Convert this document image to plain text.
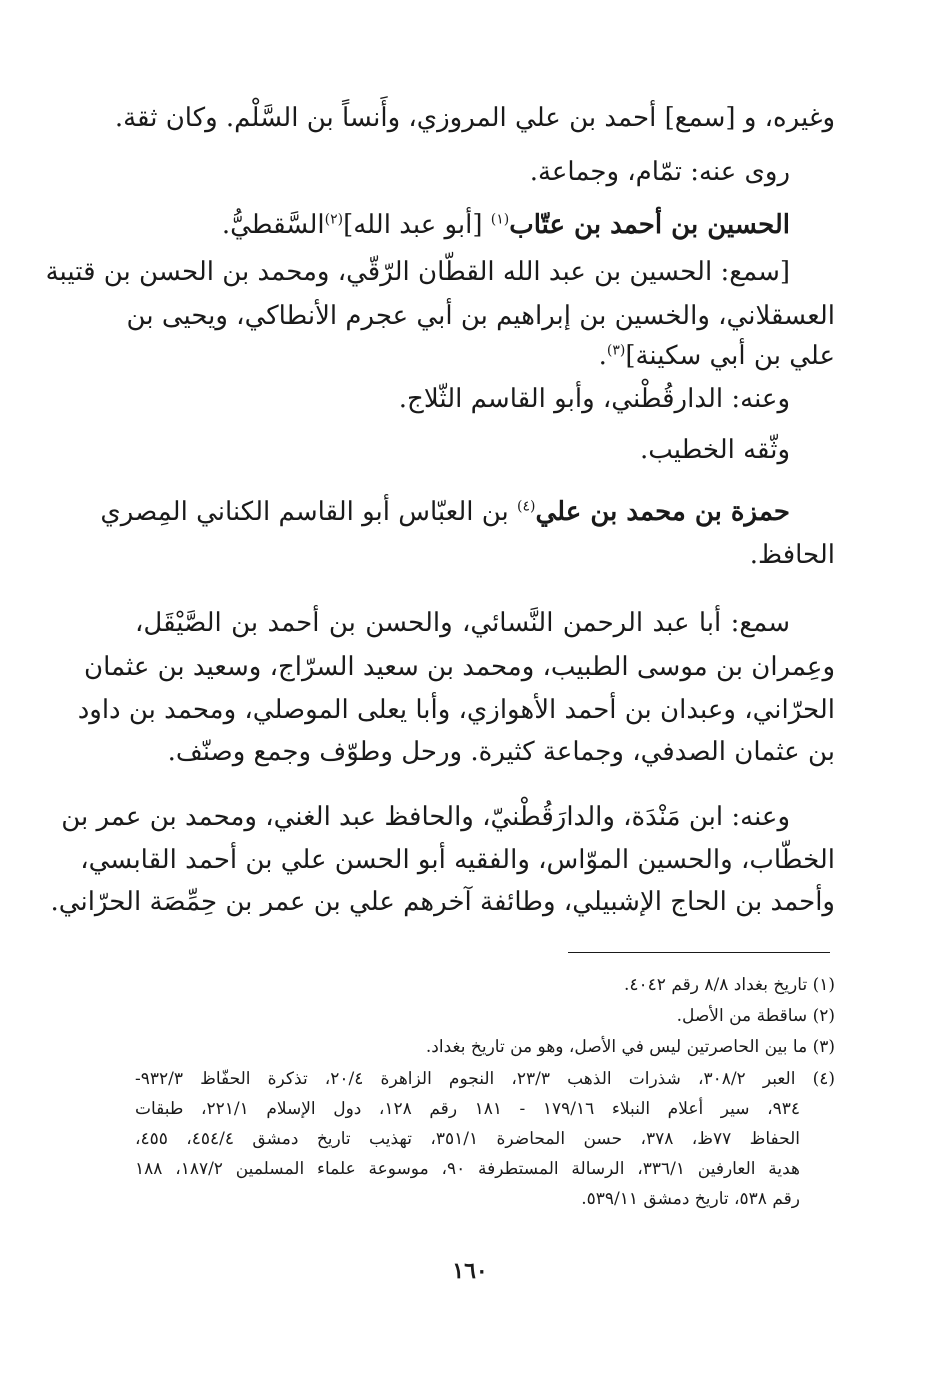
وغيره، و [سمع] أحمد بن علي المروزي، وأَنساً بن السَّلْم. وكان ثقة.
روى عنه: تمّام، وجماعة.
الحسين بن أحمد بن عتّاب$^{(١)}$ [أبو عبد الله]$^{(٢)}$السَّقطيُّ.
[سمع: الحسين بن عبد الله القطّان الرّقّي، ومحمد بن الحسن بن قتيبة
العسقلاني، والخسين بن إبراهيم بن أبي عجرم الأنطاكي، ويحيى بن
علي بن أبي سكينة]$^{(٣)}$.
وعنه: الدارقُطْني، وأبو القاسم الثّلاج.
وثّقه الخطيب.
حمزة بن محمد بن علي$^{(٤)}$ بن العبّاس أبو القاسم الكناني المِصري
الحافظ.
سمع: أبا عبد الرحمن النَّسائي، والحسن بن أحمد بن الصَّيْقَل،
وعِمران بن موسى الطبيب، ومحمد بن سعيد السرّاج، وسعيد بن عثمان
الحرّاني، وعبدان بن أحمد الأهوازي، وأبا يعلى الموصلي، ومحمد بن داود
بن عثمان الصدفي، وجماعة كثيرة. ورحل وطوّف وجمع وصنّف.
وعنه: ابن مَنْدَة، والدارَقُطْنيّ، والحافظ عبد الغني، ومحمد بن عمر بن
الخطّاب، والحسين الموّاس، والفقيه أبو الحسن علي بن أحمد القابسي،
وأحمد بن الحاج الإشبيلي، وطائفة آخرهم علي بن عمر بن حِمِّصَة الحرّاني.
(١) تاريخ بغداد ٨/٨ رقم ٤٠٤٢.
(٢) ساقطة من الأصل.
(٣) ما بين الحاصرتين ليس في الأصل، وهو من تاريخ بغداد.
(٤) العبر ٣٠٨/٢، شذرات الذهب ٢٣/٣، النجوم الزاهرة ٢٠/٤، تذكرة الحفّاظ ٩٣٢/٣-
٩٣٤، سير أعلام النبلاء ١٧٩/١٦ - ١٨١ رقم ١٢٨، دول الإسلام ٢٢١/١، طبقات
الحفاظ ٧٧ظ، ٣٧٨، حسن المحاضرة ٣٥١/١، تهذيب تاريخ دمشق ٤٥٤/٤، ٤٥٥،
هدية العارفين ٣٣٦/١، الرسالة المستطرفة ٩٠، موسوعة علماء المسلمين ١٨٧/٢، ١٨٨
رقم ٥٣٨، تاريخ دمشق ٥٣٩/١١.
١٦٠
